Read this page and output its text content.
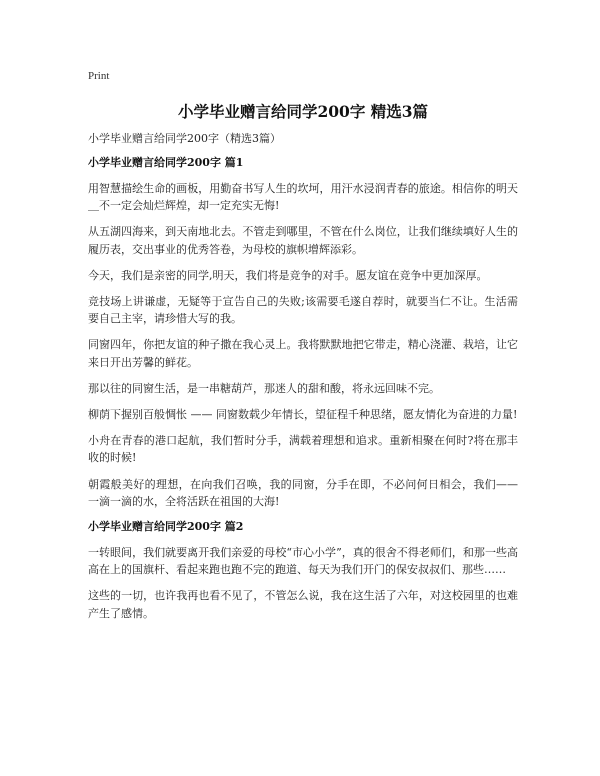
Print
小学毕业赠言给同学200字 精选3篇

小学毕业赠言给同学200字（精选3篇）

小学毕业赠言给同学200字 篇1

用智慧描绘生命的画板，用勤奋书写人生的坎坷，用汗水浸润青春的旅途。相信你的明天＿不一定会灿烂辉煌，却一定充实无悔!

从五湖四海来，到天南地北去。不管走到哪里，不管在什么岗位，让我们继续填好人生的履历表，交出事业的优秀答卷，为母校的旗帜增辉添彩。

今天，我们是亲密的同学,明天，我们将是竞争的对手。愿友谊在竞争中更加深厚。

竞技场上讲谦虚，无疑等于宣告自己的失败;该需要毛遂自荐时，就要当仁不让。生活需要自己主宰，请珍惜大写的我。

同窗四年，你把友谊的种子撒在我心灵上。我将默默地把它带走，精心浇灌、栽培，让它来日开出芳馨的鲜花。

那以往的同窗生活，是一串糖葫芦，那迷人的甜和酸，将永远回味不完。

柳荫下握别百般惆怅 —— 同窗数载少年情长，望征程千种思绪，愿友情化为奋进的力量!

小舟在青春的港口起航，我们暂时分手，满载着理想和追求。重新相聚在何时?将在那丰收的时候!

朝霞般美好的理想，在向我们召唤，我的同窗，分手在即，不必问何日相会，我们—— 一滴一滴的水，全将活跃在祖国的大海!

小学毕业赠言给同学200字 篇2

一转眼间，我们就要离开我们亲爱的母校“市心小学”，真的很舍不得老师们，和那一些高高在上的国旗杆、看起来跑也跑不完的跑道、每天为我们开门的保安叔叔们、那些……

这些的一切，也许我再也看不见了，不管怎么说，我在这生活了六年，对这校园里的也难产生了感情。
